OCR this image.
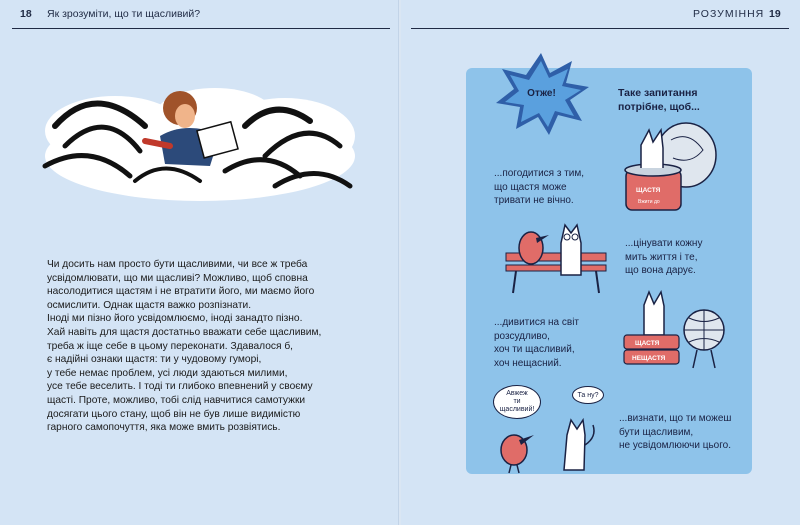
18 Як зрозуміти, що ти щасливий?

Чи досить нам просто бути щасливими, чи все ж треба
усвідомлювати, що ми щасливі? Можливо, щоб сповна
насолодитися щастям і не втратити його, ми маємо його
осмислити. Однак щастя важко розпізнати.
Іноді ми пізно його усвідомлюємо, іноді занадто пізно.
Хай навіть для щастя достатньо вважати себе щасливим,
треба ж іще себе в цьому переконати. Здавалося б,
є надійні ознаки щастя: ти у чудовому гуморі,
у тебе немає проблем, усі люди здаються милими,
усе тебе веселить. І тоді ти глибоко впевнений у своєму
щасті. Проте, можливо, тобі слід навчитися самотужки
досягати цього стану, щоб він не був лише видимістю
гарного самопочуття, яка може вмить розвіятись.

РОЗУМІННЯ 19
Отже!	Таке запитання
потрібне, щоб...
ЩАСТЯ
Вжити до
...погодитися з тим,
що щастя може
тривати не вічно.
...цінувати кожну
мить життя і те,
що вона дарує.
ЩАСТЯ
НЕЩАСТЯ
...дивитися на світ
розсудливо,
хоч ти щасливий,
хоч нещасний.
Авжеж
ти
щасливий!
Та ну?
...визнати, що ти можеш
бути щасливим,
не усвідомлюючи цього.
